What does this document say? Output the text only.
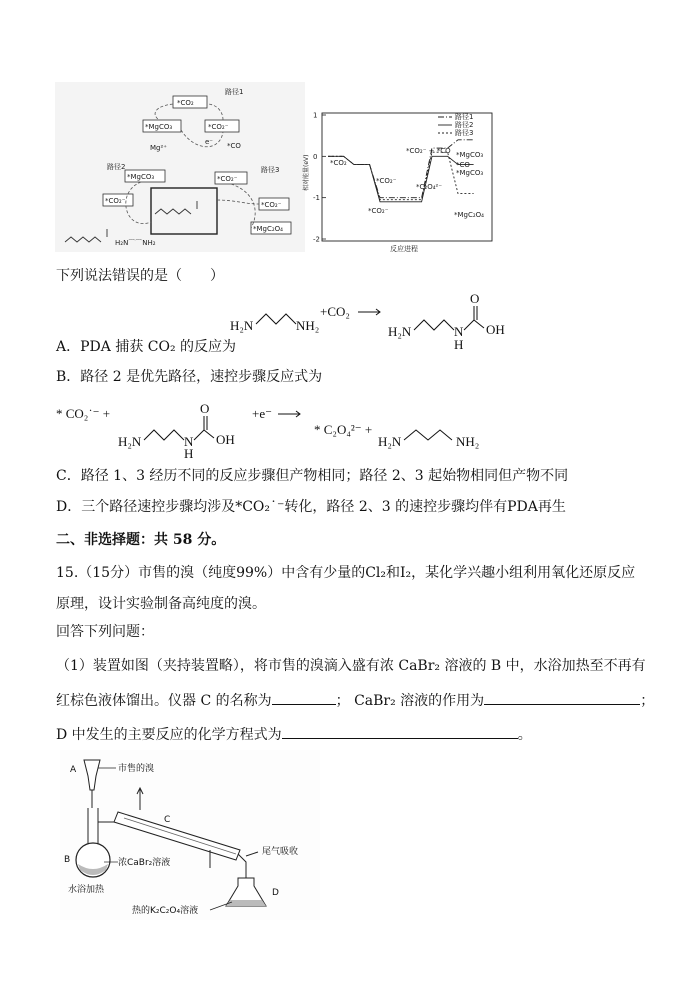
路径1
*CO₂
*MgCO₃	*CO₂⁻
*CO
Mg²⁺
e⁻
路径2	路径3
*MgCO₃
*CO₂⁻
*CO₂⁻
*CO₂⁻
*MgC₂O₄
H₂N⌒⌒NH₂
1
0
-1
-2
相对能量(eV)
反应进程
路径1
路径2
路径3
*CO₂
*CO₂⁻
*CO₂⁻
*CO₂⁻ + *CO
*C₂O₄²⁻
*MgCO₃
*MgC₂O₄
*MgCO₃
*CO
下列说法错误的是（　　）
H₂N	NH₂
+CO₂
H₂N	N
H
O
OH
A．PDA 捕获 CO₂ 的反应为
B．路径 2 是优先路径，速控步骤反应式为
* CO₂˙⁻ +
H₂N	N
H
O
OH
+e⁻
* C₂O₄²⁻ +
H₂N	NH₂
C．路径 1、3 经历不同的反应步骤但产物相同；路径 2、3 起始物相同但产物不同
D．三个路径速控步骤均涉及*CO₂˙⁻转化，路径 2、3 的速控步骤均伴有PDA再生
二、非选择题：共 58 分。
15.（15分）市售的溴（纯度99%）中含有少量的Cl₂和I₂，某化学兴趣小组利用氧化还原反应
原理，设计实验制备高纯度的溴。
回答下列问题：
（1）装置如图（夹持装置略），将市售的溴滴入盛有浓 CaBr₂ 溶液的 B 中，水浴加热至不再有
红棕色液体馏出。仪器 C 的名称为	； CaBr₂ 溶液的作用为	；
D 中发生的主要反应的化学方程式为	。
A	市售的溴
B	浓CaBr₂溶液
水浴加热
C
尾气吸收
D
热的K₂C₂O₄溶液
